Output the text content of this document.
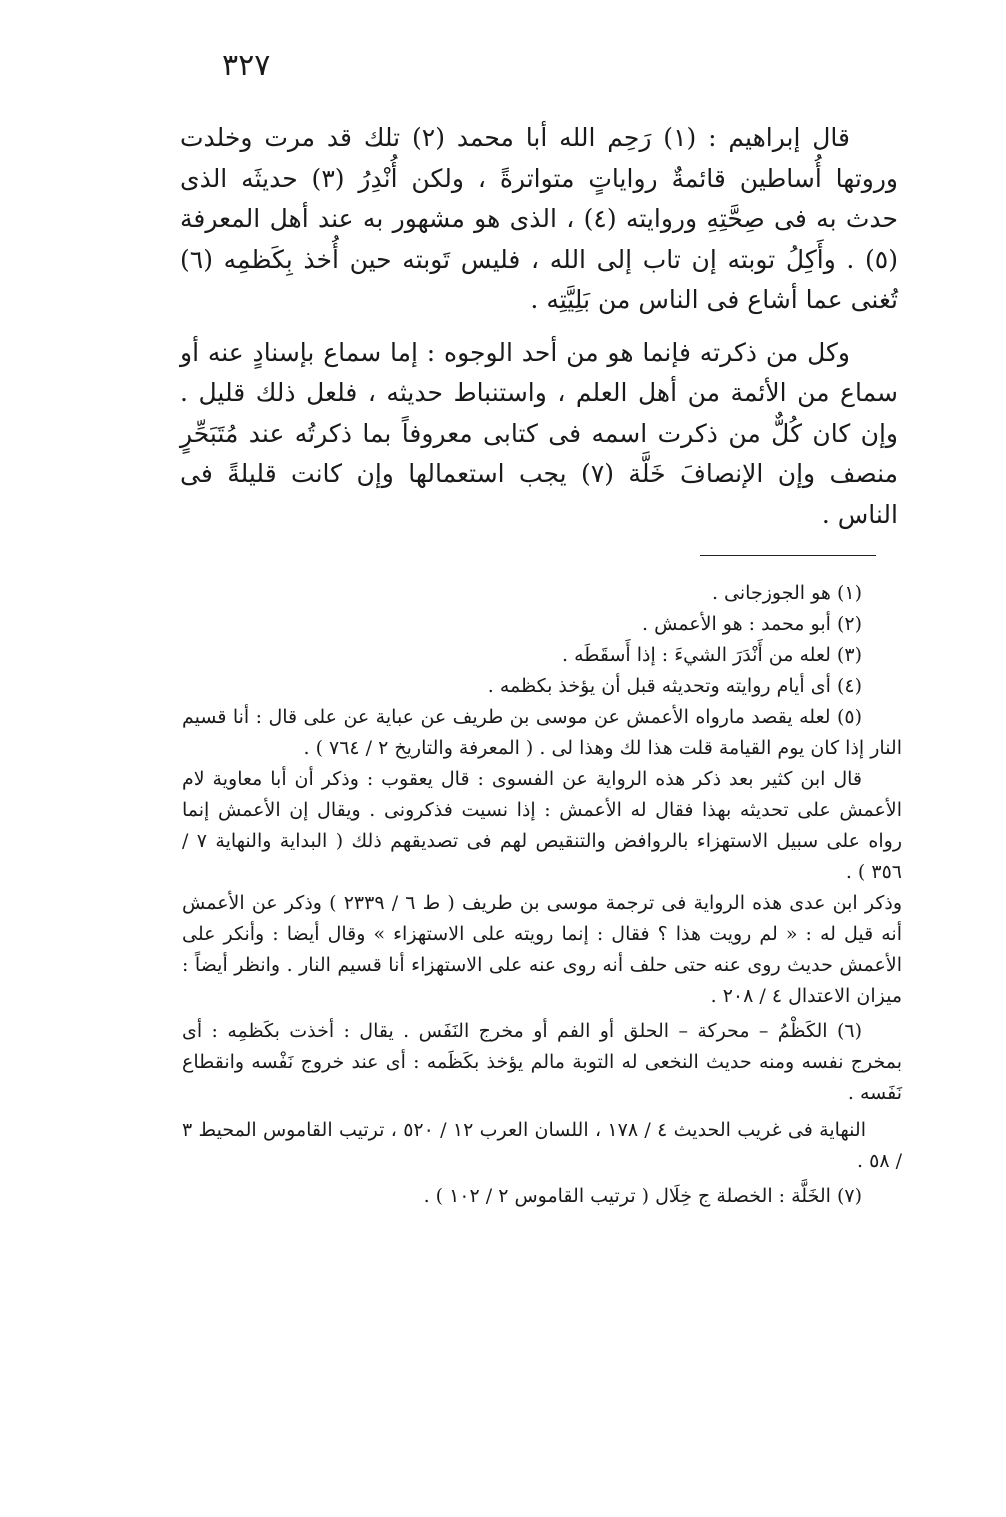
٣٢٧

قال إبراهيم : (١) رَحِم الله أبا محمد (٢) تلك قد مرت وخلدت وروتها أُساطين قائمةٌ رواياتٍ متواترةً ، ولكن أُنْدِرُ (٣) حديثَه الذى حدث به فى صِحَّتِهِ وروايته (٤) ، الذى هو مشهور به عند أهل المعرفة (٥) . وأَكِلُ توبته إن تاب إلى الله ، فليس تَوبته حين أُخذ بِكَظمِه (٦) تُغنى عما أشاع فى الناس من بَلِيَّتِه .

وكل من ذكرته فإنما هو من أحد الوجوه : إما سماع بإسنادٍ عنه أو سماع من الأئمة من أهل العلم ، واستنباط حديثه ، فلعل ذلك قليل . وإن كان كُلٌّ من ذكرت اسمه فى كتابى معروفاً بما ذكرتُه عند مُتَبَحِّرٍ منصف وإن الإنصافَ خَلَّة (٧) يجب استعمالها وإن كانت قليلةً فى الناس .

(١) هو الجوزجانى .

(٢) أبو محمد : هو الأعمش .

(٣) لعله من أَنْدَرَ الشيءَ : إذا أَسقَطَه .

(٤) أى أيام روايته وتحديثه قبل أن يؤخذ بكظمه .

(٥) لعله يقصد مارواه الأعمش عن موسى بن طريف عن عباية عن على قال : أنا قسيم النار إذا كان يوم القيامة قلت هذا لك وهذا لى . ( المعرفة والتاريخ ٢ / ٧٦٤ ) .

قال ابن كثير بعد ذكر هذه الرواية عن الفسوى : قال يعقوب : وذكر أن أبا معاوية لام الأعمش على تحديثه بهذا فقال له الأعمش : إذا نسيت فذكرونى . ويقال إن الأعمش إنما رواه على سبيل الاستهزاء بالروافض والتنقيص لهم فى تصديقهم ذلك ( البداية والنهاية ٧ / ٣٥٦ ) .

وذكر ابن عدى هذه الرواية فى ترجمة موسى بن طريف ( ط ٦ / ٢٣٣٩ ) وذكر عن الأعمش أنه قيل له : « لم رويت هذا ؟ فقال : إنما رويته على الاستهزاء » وقال أيضا : وأنكر على الأعمش حديث روى عنه حتى حلف أنه روى عنه على الاستهزاء أنا قسيم النار . وانظر أيضاً : ميزان الاعتدال ٤ / ٢٠٨ .

(٦) الكَظْمُ – محركة – الحلق أو الفم أو مخرج النَفَس . يقال : أخذت بكَظمِه : أى بمخرج نفسه ومنه حديث النخعى له التوبة مالم يؤخذ بكَظَمه : أى عند خروج نَفْسه وانقطاع نَفَسه .

النهاية فى غريب الحديث ٤ / ١٧٨ ، اللسان العرب ١٢ / ٥٢٠ ، ترتيب القاموس المحيط ٣ / ٥٨ .

(٧) الخَلَّة : الخصلة ج خِلَال ( ترتيب القاموس ٢ / ١٠٢ ) .
